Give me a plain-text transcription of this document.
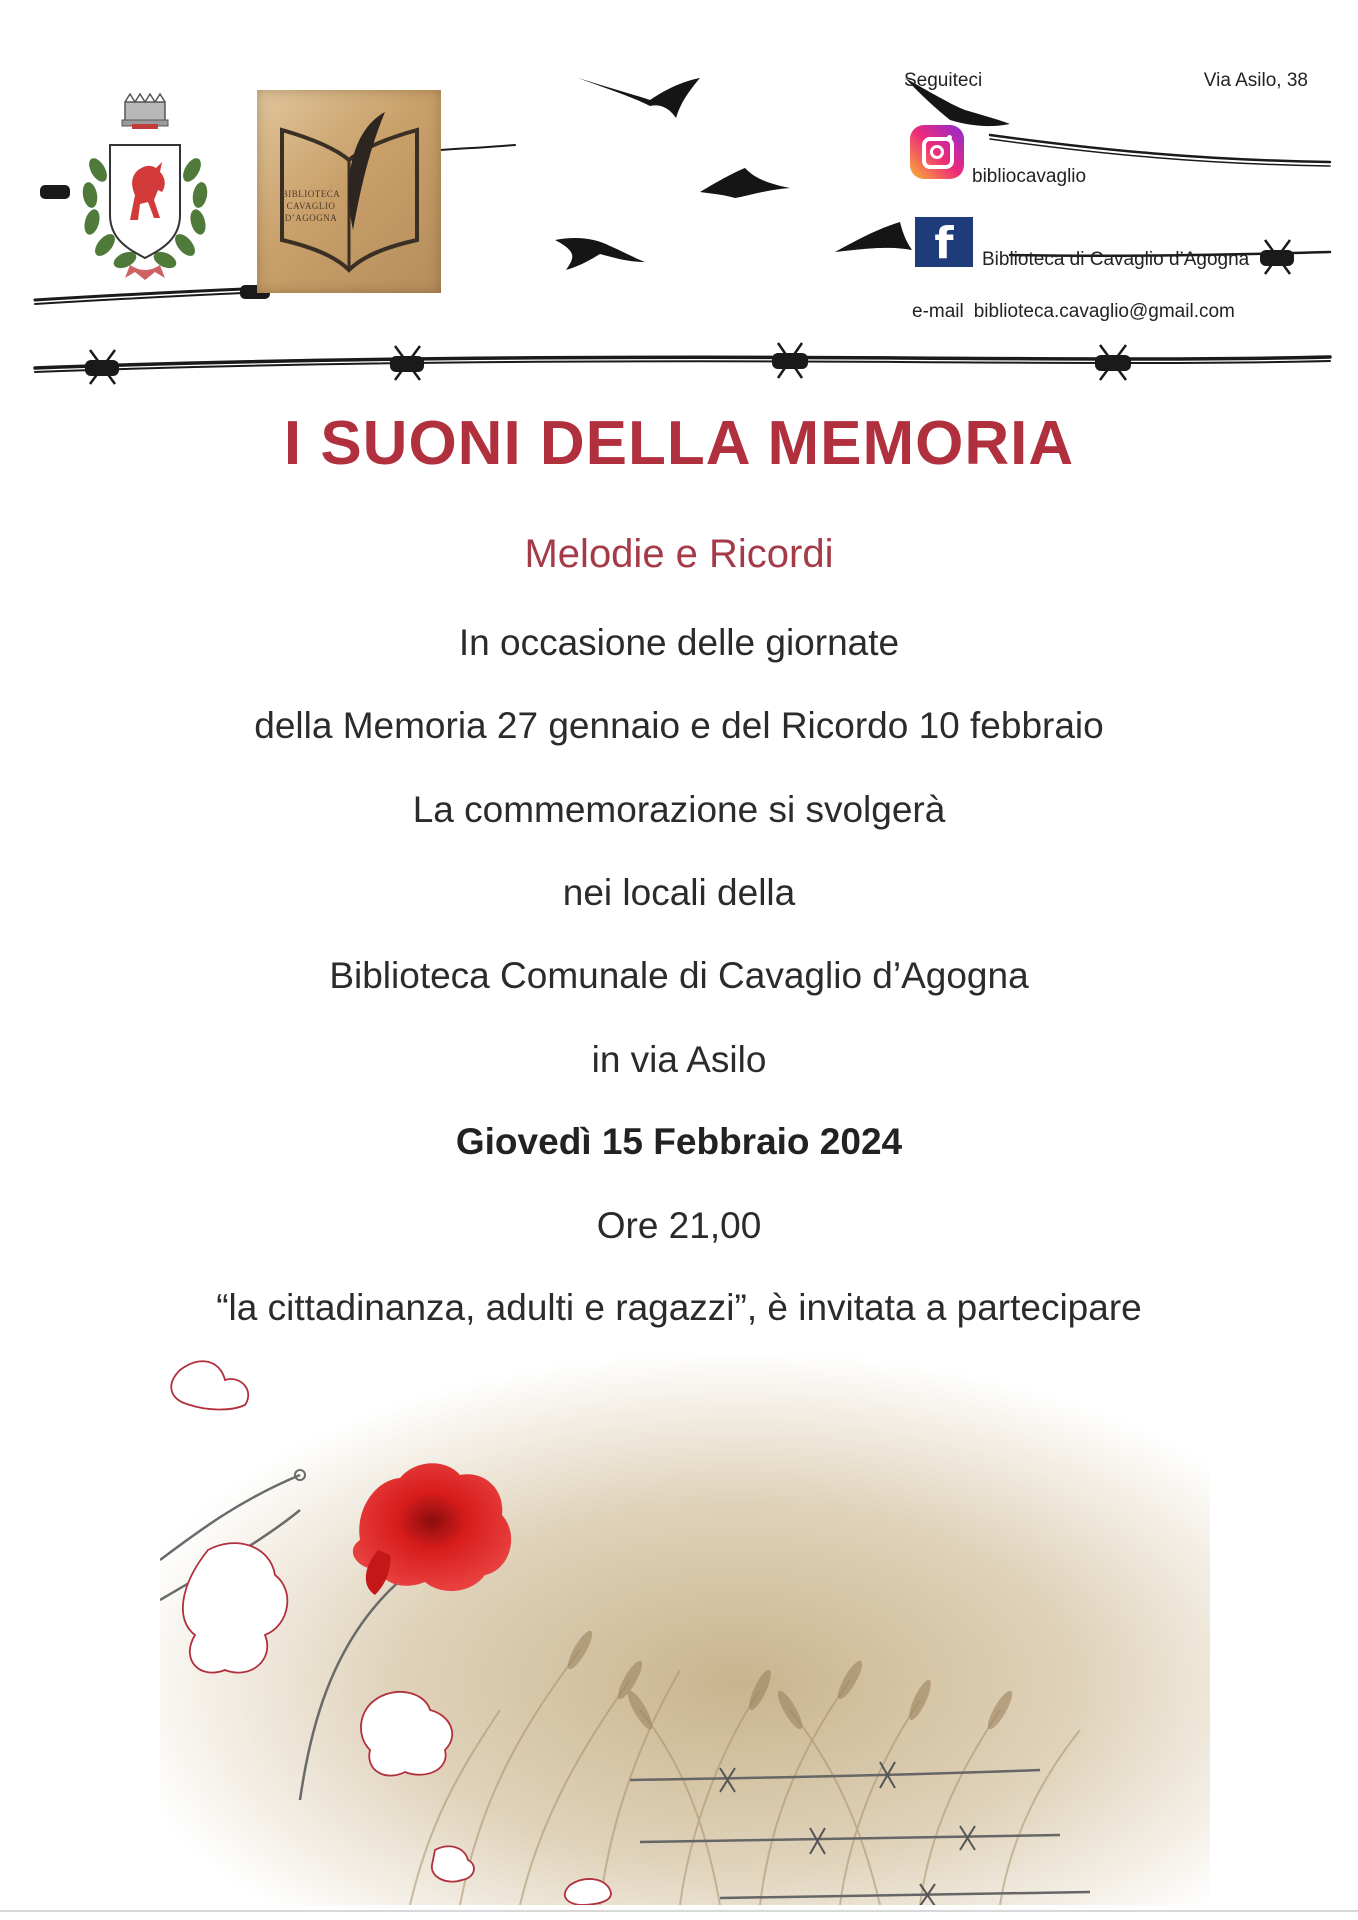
BIBLIOTECA CAVAGLIO D’AGOGNA
Seguiteci	Via Asilo, 38
bibliocavaglio
f	Biblioteca di Cavaglio d’Agogna
e-mail biblioteca.cavaglio@gmail.com
I SUONI DELLA MEMORIA
Melodie e Ricordi
In occasione delle giornate
della Memoria 27 gennaio e del Ricordo 10 febbraio
La commemorazione si svolgerà
nei locali della
Biblioteca Comunale di Cavaglio d’Agogna
in via Asilo
Giovedì 15 Febbraio 2024
Ore 21,00
“la cittadinanza, adulti e ragazzi”, è invitata a partecipare
